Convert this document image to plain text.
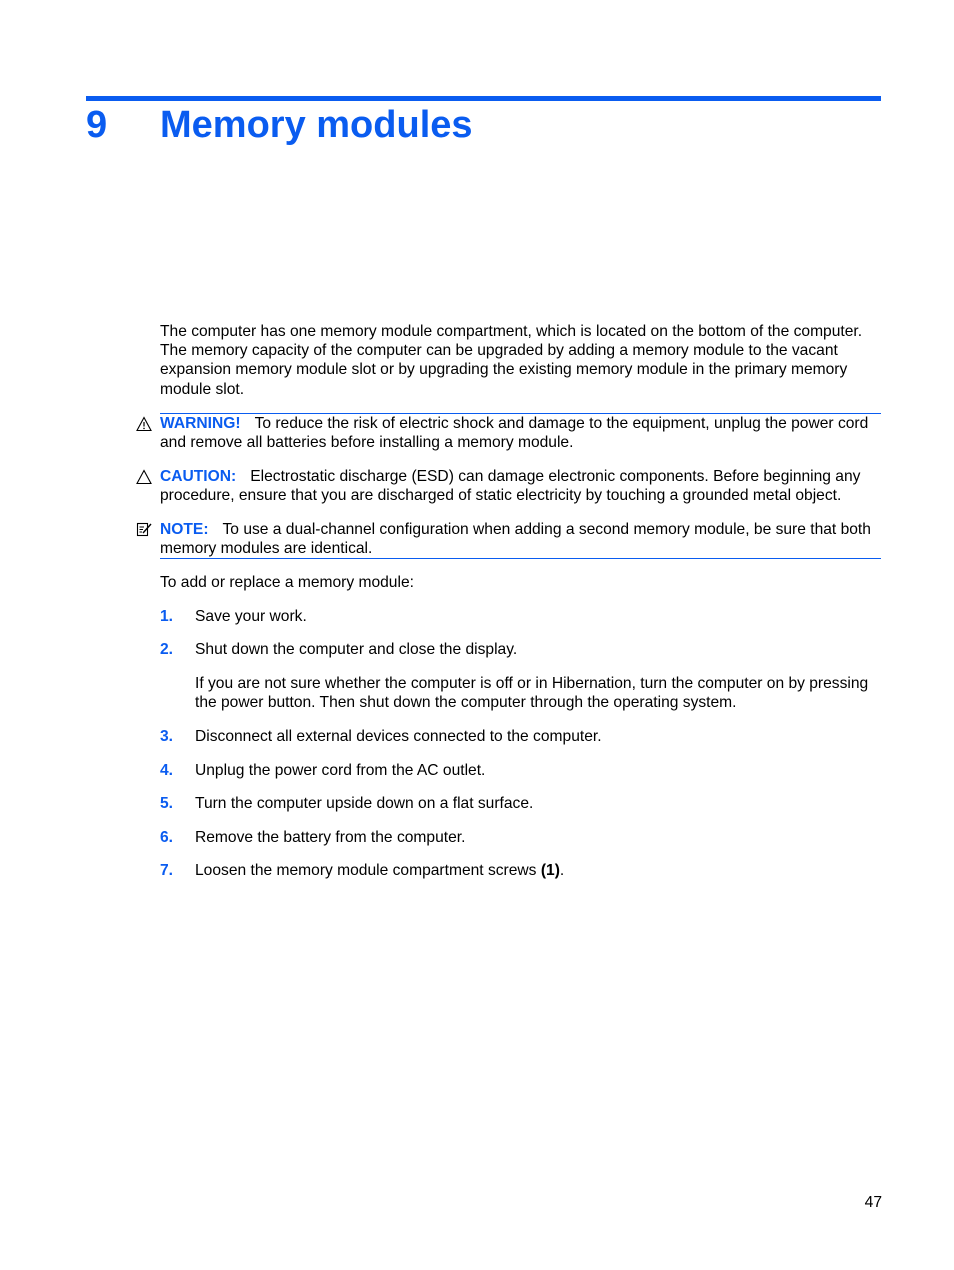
9 Memory modules

The computer has one memory module compartment, which is located on the bottom of the computer. The memory capacity of the computer can be upgraded by adding a memory module to the vacant expansion memory module slot or by upgrading the existing memory module in the primary memory module slot.

WARNING! To reduce the risk of electric shock and damage to the equipment, unplug the power cord and remove all batteries before installing a memory module.

CAUTION: Electrostatic discharge (ESD) can damage electronic components. Before beginning any procedure, ensure that you are discharged of static electricity by touching a grounded metal object.

NOTE: To use a dual-channel configuration when adding a second memory module, be sure that both memory modules are identical.

To add or replace a memory module:

1. Save your work.

2. Shut down the computer and close the display.

If you are not sure whether the computer is off or in Hibernation, turn the computer on by pressing the power button. Then shut down the computer through the operating system.

3. Disconnect all external devices connected to the computer.

4. Unplug the power cord from the AC outlet.

5. Turn the computer upside down on a flat surface.

6. Remove the battery from the computer.

7. Loosen the memory module compartment screws (1).

47
